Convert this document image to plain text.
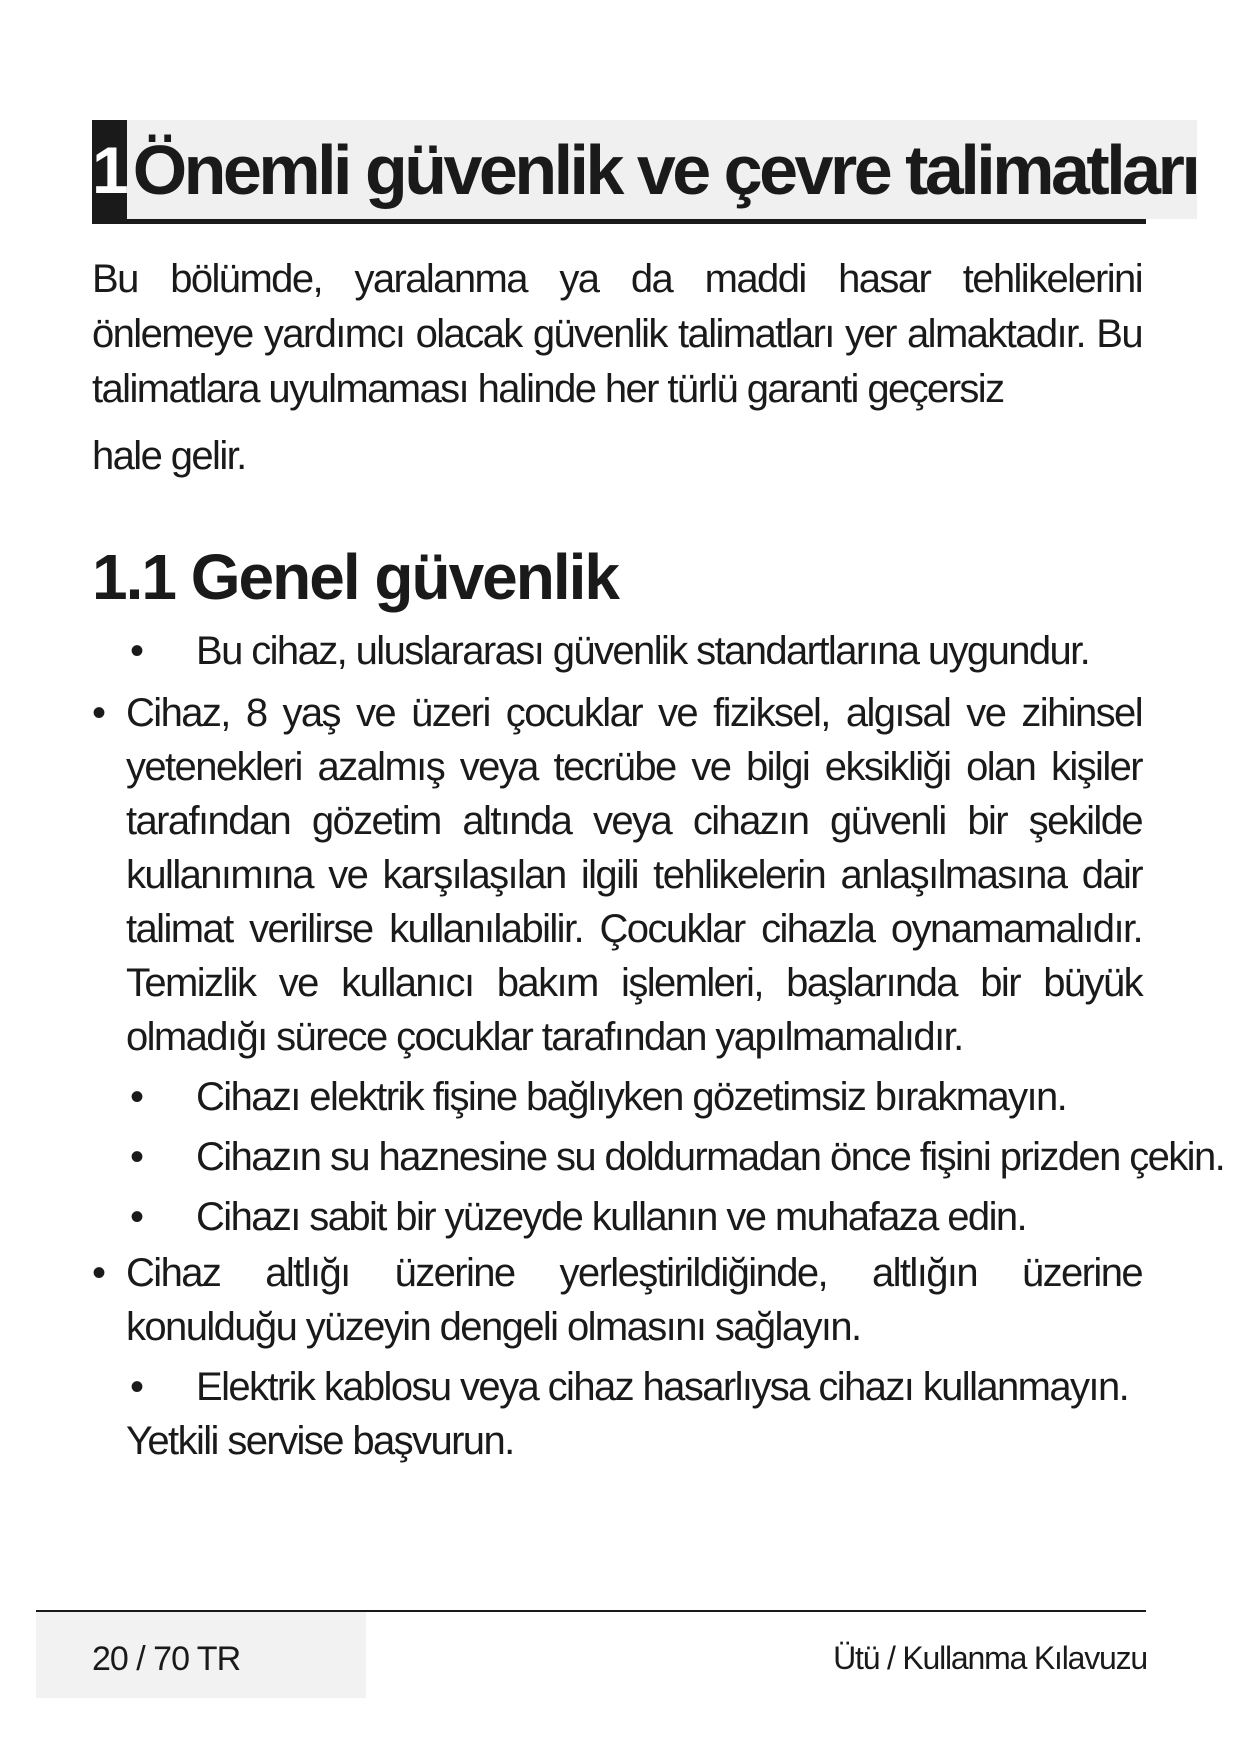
1 Önemli güvenlik ve çevre talimatları
Bu bölümde, yaralanma ya da maddi hasar tehlikelerini önlemeye yardımcı olacak güvenlik talimatları yer almaktadır. Bu talimatlara uyulmaması halinde her türlü garanti geçersiz
hale gelir.
1.1 Genel güvenlik
•	Bu cihaz, uluslararası güvenlik standartlarına uygundur.
• Cihaz, 8 yaş ve üzeri çocuklar ve fiziksel, algısal ve zihinsel yetenekleri azalmış veya tecrübe ve bilgi eksikliği olan kişiler tarafından gözetim altında veya cihazın güvenli bir şekilde kullanımına ve karşılaşılan ilgili tehlikelerin anlaşılmasına dair talimat verilirse kullanılabilir. Çocuklar cihazla oynamamalıdır. Temizlik ve kullanıcı bakım işlemleri, başlarında bir büyük olmadığı sürece çocuklar tarafından yapılmamalıdır.
•	Cihazı elektrik fişine bağlıyken gözetimsiz bırakmayın.
•	Cihazın su haznesine su doldurmadan önce fişini prizden çekin.
•	Cihazı sabit bir yüzeyde kullanın ve muhafaza edin.
• Cihaz altlığı üzerine yerleştirildiğinde, altlığın üzerine konulduğu yüzeyin dengeli olmasını sağlayın.
•	Elektrik kablosu veya cihaz hasarlıysa cihazı kullanmayın. Yetkili servise başvurun.
20 / 70 TR	Ütü / Kullanma Kılavuzu
